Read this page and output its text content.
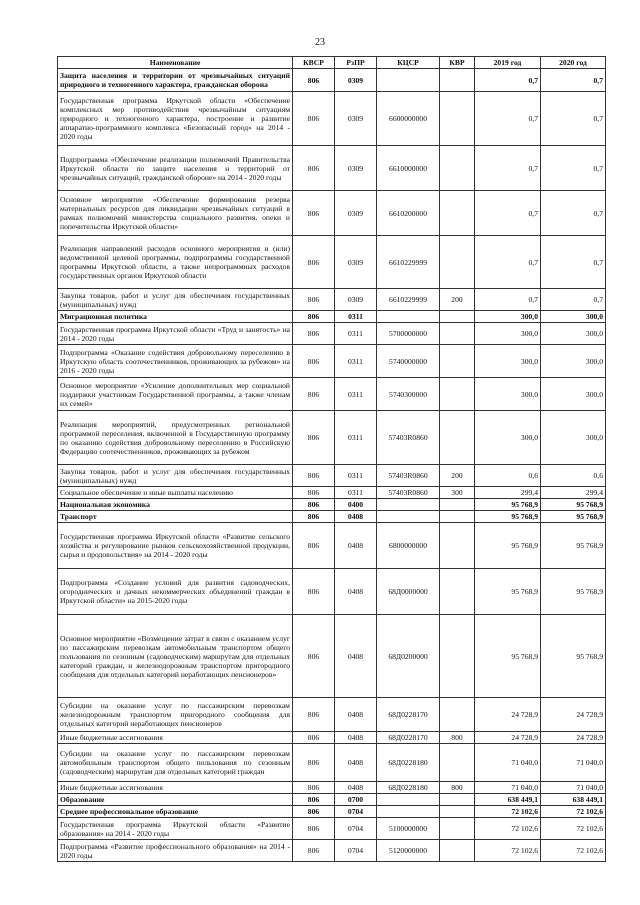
23
Наименование	КВСР	РзПР	КЦСР	КВР	2019 год	2020 год
Защита населения и территории от чрезвычайных ситуаций природного и техногенного характера, гражданская оборона	806	0309			0,7	0,7
Государственная программа Иркутской области «Обеспечение комплексных мер противодействия чрезвычайным ситуациям природного и техногенного характера, построение и развитие аппаратно-программного комплекса «Безопасный город» на 2014 - 2020 годы	806	0309	6600000000		0,7	0,7
Подпрограмма «Обеспечение реализации полномочий Правительства Иркутской области по защите населения и территорий от чрезвычайных ситуаций, гражданской обороне» на 2014 - 2020 годы	806	0309	6610000000		0,7	0,7
Основное мероприятие «Обеспечение формирования резерва материальных ресурсов для ликвидации чрезвычайных ситуаций в рамках полномочий министерства социального развития, опеки и попечительства Иркутской области»	806	0309	6610200000		0,7	0,7
Реализация направлений расходов основного мероприятия и (или) ведомственной целевой программы, подпрограммы государственной программы Иркутской области, а также непрограммных расходов государственных органов Иркутской области	806	0309	6610229999		0,7	0,7
Закупка товаров, работ и услуг для обеспечения государственных (муниципальных) нужд	806	0309	6610229999	200	0,7	0,7
Миграционная политика	806	0311			300,0	300,0
Государственная программа Иркутской области «Труд и занятость» на 2014 - 2020 годы	806	0311	5700000000		300,0	300,0
Подпрограмма «Оказание содействия добровольному переселению в Иркутскую область соотечественников, проживающих за рубежом» на 2016 - 2020 годы	806	0311	5740000000		300,0	300,0
Основное мероприятие «Усиление дополнительных мер социальной поддержки участникам Государственной программы, а также членам их семей»	806	0311	5740300000		300,0	300,0
Реализация мероприятий, предусмотренных региональной программой переселения, включенной в Государственную программу по оказанию содействия добровольному переселению в Российскую Федерацию соотечественников, проживающих за рубежом	806	0311	57403R0860		300,0	300,0
Закупка товаров, работ и услуг для обеспечения государственных (муниципальных) нужд	806	0311	57403R0860	200	0,6	0,6
Социальное обеспечение и иные выплаты населению	806	0311	57403R0860	300	299,4	299,4
Национальная экономика	806	0400			95 768,9	95 768,9
Транспорт	806	0408			95 768,9	95 768,9
Государственная программа Иркутской области «Развитие сельского хозяйства и регулирование рынков сельскохозяйственной продукции, сырья и продовольствия» на 2014 - 2020 годы	806	0408	6800000000		95 768,9	95 768,9
Подпрограмма «Создание условий для развития садоводческих, огороднических и дачных некоммерческих объединений граждан в Иркутской области» на 2015-2020 годы	806	0408	68Д0000000		95 768,9	95 768,9
Основное мероприятие «Возмещение затрат в связи с оказанием услуг по пассажирским перевозкам автомобильным транспортом общего пользования по сезонным (садоводческим) маршрутам для отдельных категорий граждан, и железнодорожным транспортом пригородного сообщения для отдельных категорий неработающих пенсионеров»	806	0408	68Д0200000		95 768,9	95 768,9
Субсидии на оказание услуг по пассажирским перевозкам железнодорожным транспортом пригородного сообщения для отдельных категорий неработающих пенсионеров	806	0408	68Д0228170		24 728,9	24 728,9
Иные бюджетные ассигнования	806	0408	68Д0228170	800	24 728,9	24 728,9
Субсидии на оказание услуг по пассажирским перевозкам автомобильным транспортом общего пользования по сезонным (садоводческим) маршрутам для отдельных категорий граждан	806	0408	68Д0228180		71 040,0	71 040,0
Иные бюджетные ассигнования	806	0408	68Д0228180	800	71 040,0	71 040,0
Образование	806	0700			638 449,1	638 449,1
Среднее профессиональное образование	806	0704			72 102,6	72 102,6
Государственная программа Иркутской области «Развитие образования» на 2014 - 2020 годы	806	0704	5100000000		72 102,6	72 102,6
Подпрограмма «Развитие профессионального образования» на 2014 - 2020 годы	806	0704	5120000000		72 102,6	72 102,6
